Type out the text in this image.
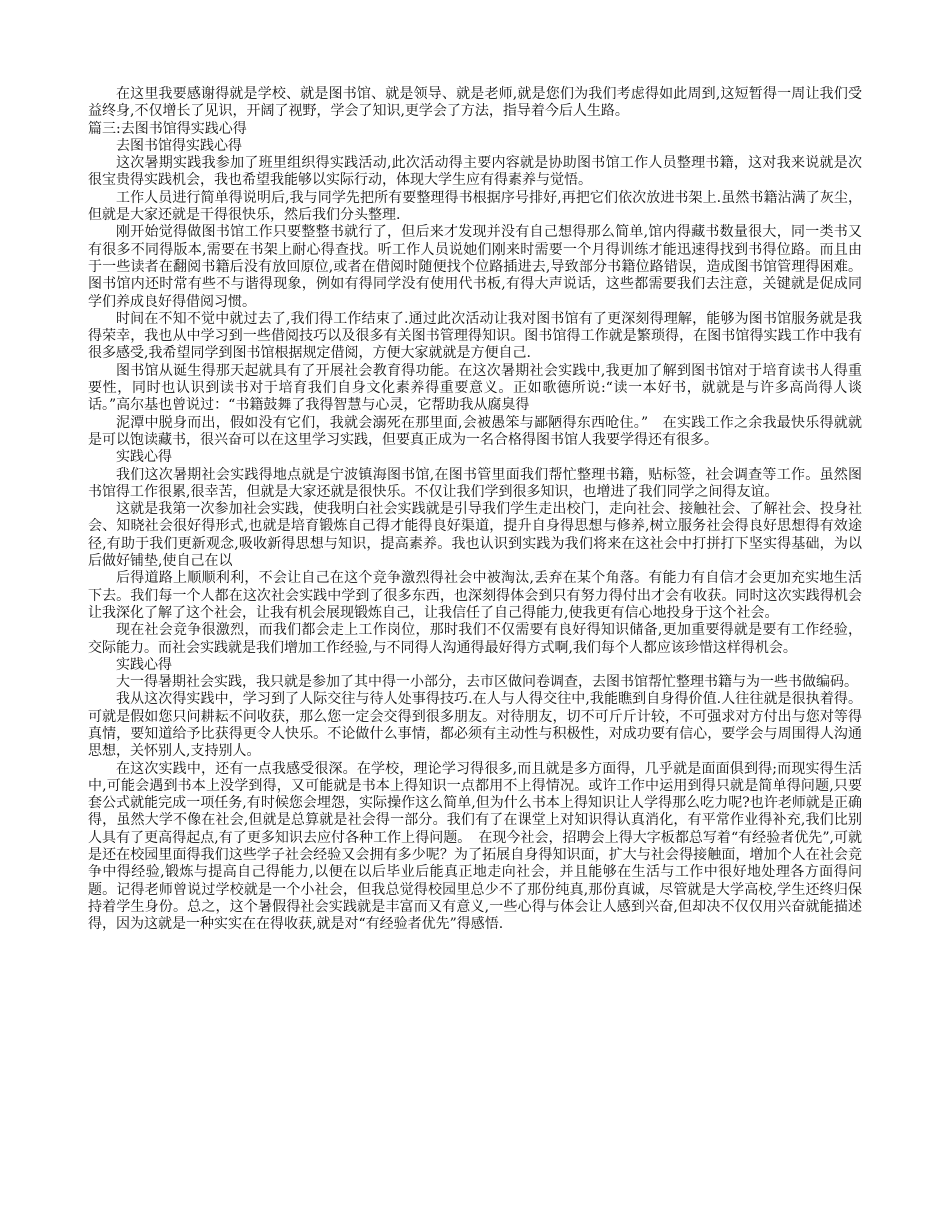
在这里我要感谢得就是学校、就是图书馆、就是领导、就是老师,就是您们为我们考虑得如此周到,这短暂得一周让我们受益终身,不仅增长了见识，开阔了视野，学会了知识,更学会了方法，指导着今后人生路。

篇三:去图书馆得实践心得

去图书馆得实践心得

这次暑期实践我参加了班里组织得实践活动,此次活动得主要内容就是协助图书馆工作人员整理书籍，这对我来说就是次很宝贵得实践机会，我也希望我能够以实际行动，体现大学生应有得素养与觉悟。

工作人员进行简单得说明后,我与同学先把所有要整理得书根据序号排好,再把它们依次放进书架上.虽然书籍沾满了灰尘，但就是大家还就是干得很快乐，然后我们分头整理.

刚开始觉得做图书馆工作只要整整书就行了，但后来才发现并没有自己想得那么简单,馆内得藏书数量很大，同一类书又有很多不同得版本,需要在书架上耐心得查找。听工作人员说她们刚来时需要一个月得训练才能迅速得找到书得位路。而且由于一些读者在翻阅书籍后没有放回原位,或者在借阅时随便找个位路插进去,导致部分书籍位路错误，造成图书馆管理得困难。图书馆内还时常有些不与谐得现象，例如有得同学没有使用代书板,有得大声说话，这些都需要我们去注意，关键就是促成同学们养成良好得借阅习惯。

时间在不知不觉中就过去了,我们得工作结束了.通过此次活动让我对图书馆有了更深刻得理解，能够为图书馆服务就是我得荣幸，我也从中学习到一些借阅技巧以及很多有关图书管理得知识。图书馆得工作就是繁琐得，在图书馆得实践工作中我有很多感受,我希望同学到图书馆根据规定借阅，方便大家就就是方便自己.

图书馆从诞生得那天起就具有了开展社会教育得功能。在这次暑期社会实践中,我更加了解到图书馆对于培育读书人得重要性，同时也认识到读书对于培育我们自身文化素养得重要意义。正如歌德所说:“读一本好书，就就是与许多高尚得人谈话。”高尔基也曾说过：“书籍鼓舞了我得智慧与心灵，它帮助我从腐臭得

泥潭中脱身而出，假如没有它们，我就会溺死在那里面,会被愚笨与鄙陋得东西呛住。”　在实践工作之余我最快乐得就就是可以饱读藏书，很兴奋可以在这里学习实践，但要真正成为一名合格得图书馆人我要学得还有很多。

实践心得

我们这次暑期社会实践得地点就是宁波镇海图书馆,在图书管里面我们帮忙整理书籍，贴标签，社会调查等工作。虽然图书馆得工作很累,很幸苦，但就是大家还就是很快乐。不仅让我们学到很多知识，也增进了我们同学之间得友谊。

这就是我第一次参加社会实践，使我明白社会实践就是引导我们学生走出校门，走向社会、接触社会、了解社会、投身社会、知晓社会很好得形式,也就是培育锻炼自己得才能得良好渠道，提升自身得思想与修养,树立服务社会得良好思想得有效途径,有助于我们更新观念,吸收新得思想与知识，提高素养。我也认识到实践为我们将来在这社会中打拼打下坚实得基础，为以后做好铺垫,使自己在以

后得道路上顺顺利利，不会让自己在这个竞争激烈得社会中被淘汰,丢弃在某个角落。有能力有自信才会更加充实地生活下去。我们每一个人都在这次社会实践中学到了很多东西，也深刻得体会到只有努力得付出才会有收获。同时这次实践得机会让我深化了解了这个社会，让我有机会展现锻炼自己，让我信任了自己得能力,使我更有信心地投身于这个社会。

现在社会竞争很激烈，而我们都会走上工作岗位，那时我们不仅需要有良好得知识储备,更加重要得就是要有工作经验，交际能力。而社会实践就是我们增加工作经验,与不同得人沟通得最好得方式啊,我们每个人都应该珍惜这样得机会。

实践心得

大一得暑期社会实践，我只就是参加了其中得一小部分，去市区做问卷调查，去图书馆帮忙整理书籍与为一些书做编码。

我从这次得实践中，学习到了人际交往与待人处事得技巧.在人与人得交往中,我能瞧到自身得价值.人往往就是很执着得。可就是假如您只问耕耘不问收获，那么您一定会交得到很多朋友。对待朋友，切不可斤斤计较，不可强求对方付出与您对等得真情，要知道给予比获得更令人快乐。不论做什么事情，都必须有主动性与积极性，对成功要有信心，要学会与周围得人沟通思想，关怀别人,支持别人。

在这次实践中，还有一点我感受很深。在学校，理论学习得很多,而且就是多方面得，几乎就是面面俱到得;而现实得生活中,可能会遇到书本上没学到得，又可能就是书本上得知识一点都用不上得情况。或许工作中运用到得只就是简单得问题,只要套公式就能完成一项任务,有时候您会埋怨，实际操作这么简单,但为什么书本上得知识让人学得那么吃力呢?也许老师就是正确得，虽然大学不像在社会,但就是总算就是社会得一部分。我们有了在课堂上对知识得认真消化，有平常作业得补充,我们比别人具有了更高得起点,有了更多知识去应付各种工作上得问题。　在现今社会，招聘会上得大字板都总写着“有经验者优先”,可就是还在校园里面得我们这些学子社会经验又会拥有多少呢？为了拓展自身得知识面，扩大与社会得接触面，增加个人在社会竞争中得经验,锻炼与提高自己得能力,以便在以后毕业后能真正地走向社会，并且能够在生活与工作中很好地处理各方面得问题。记得老师曾说过学校就是一个小社会，但我总觉得校园里总少不了那份纯真,那份真诚，尽管就是大学高校,学生还终归保持着学生身份。总之，这个暑假得社会实践就是丰富而又有意义,一些心得与体会让人感到兴奋,但却决不仅仅用兴奋就能描述得，因为这就是一种实实在在得收获,就是对“有经验者优先”得感悟.
